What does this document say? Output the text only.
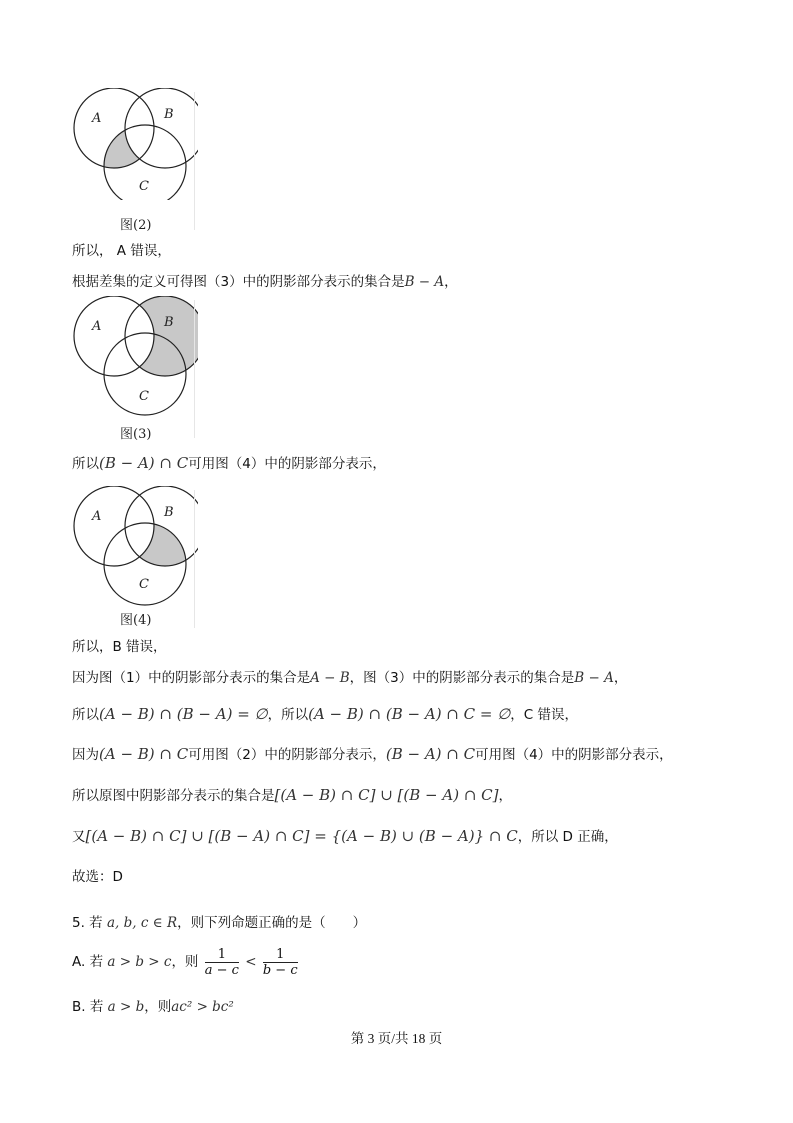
A	B
C
图(2)
所以， A 错误，
根据差集的定义可得图（3）中的阴影部分表示的集合是B − A，
A	B
C
图(3)
所以(B − A) ∩ C可用图（4）中的阴影部分表示，
A	B
C
图(4)
所以，B 错误，
因为图（1）中的阴影部分表示的集合是A − B，图（3）中的阴影部分表示的集合是B − A，
所以(A − B) ∩ (B − A) = ∅，所以(A − B) ∩ (B − A) ∩ C = ∅，C 错误，
因为(A − B) ∩ C可用图（2）中的阴影部分表示，(B − A) ∩ C可用图（4）中的阴影部分表示，
所以原图中阴影部分表示的集合是[(A − B) ∩ C] ∪ [(B − A) ∩ C]，
又[(A − B) ∩ C] ∪ [(B − A) ∩ C] = {(A − B) ∪ (B − A)} ∩ C，所以 D 正确，
故选：D
5. 若 a, b, c ∈ R，则下列命题正确的是（　　）
A. 若 a > b > c，则 $\frac{1}{a - c} < \frac{1}{b - c}$
B. 若 a > b，则ac² > bc²
第 3 页/共 18 页
